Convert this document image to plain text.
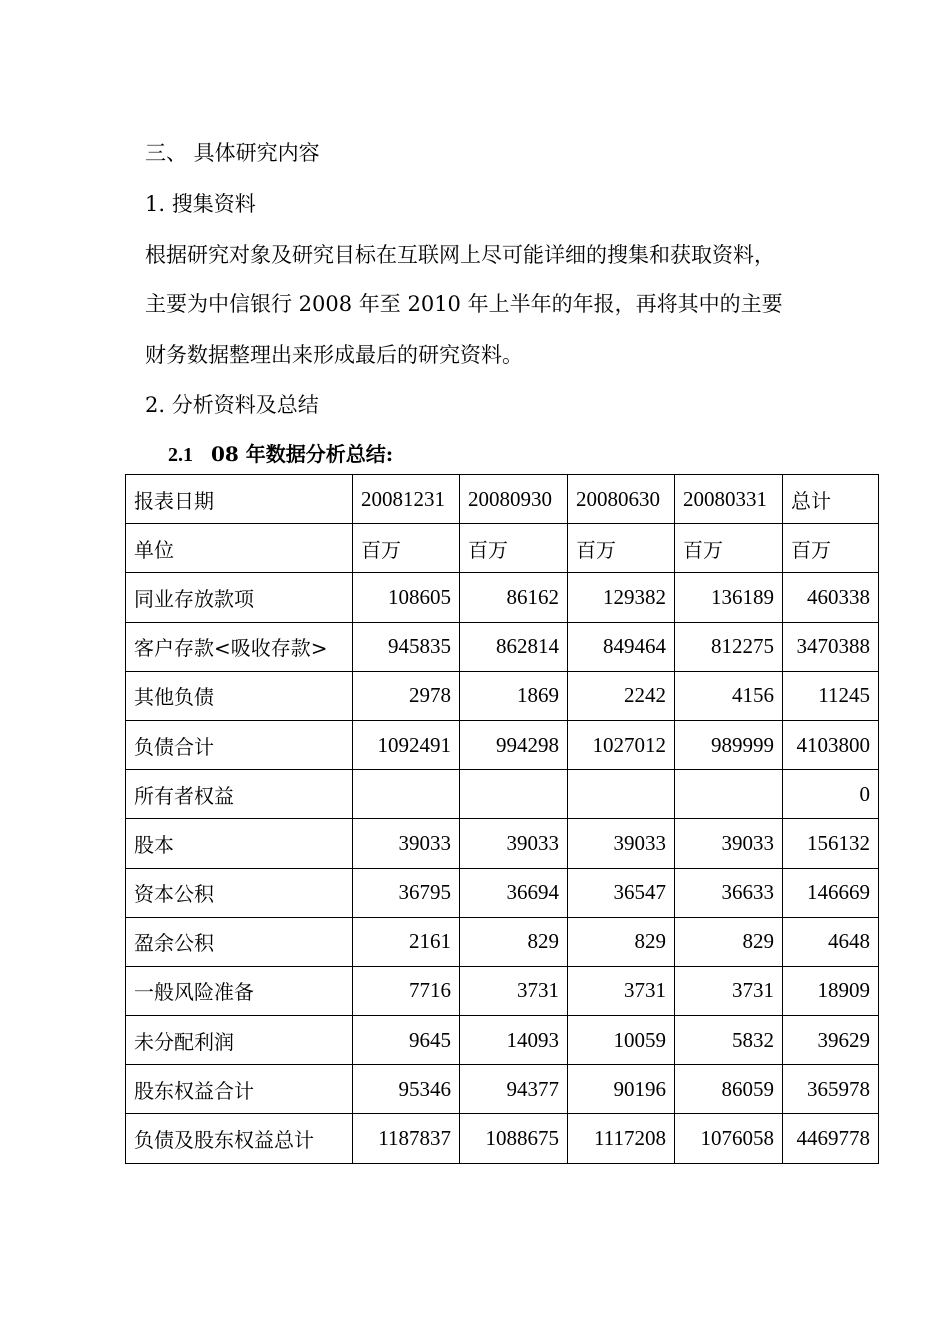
三、 具体研究内容
1. 搜集资料
根据研究对象及研究目标在互联网上尽可能详细的搜集和获取资料，
主要为中信银行 2008 年至 2010 年上半年的年报，再将其中的主要
财务数据整理出来形成最后的研究资料。
2. 分析资料及总结
2.1 08 年数据分析总结:
报表日期	20081231	20080930	20080630	20080331	总计
单位	百万	百万	百万	百万	百万
同业存放款项	108605	86162	129382	136189	460338
客户存款<吸收存款>	945835	862814	849464	812275	3470388
其他负债	2978	1869	2242	4156	11245
负债合计	1092491	994298	1027012	989999	4103800
所有者权益					0
股本	39033	39033	39033	39033	156132
资本公积	36795	36694	36547	36633	146669
盈余公积	2161	829	829	829	4648
一般风险准备	7716	3731	3731	3731	18909
未分配利润	9645	14093	10059	5832	39629
股东权益合计	95346	94377	90196	86059	365978
负债及股东权益总计	1187837	1088675	1117208	1076058	4469778
